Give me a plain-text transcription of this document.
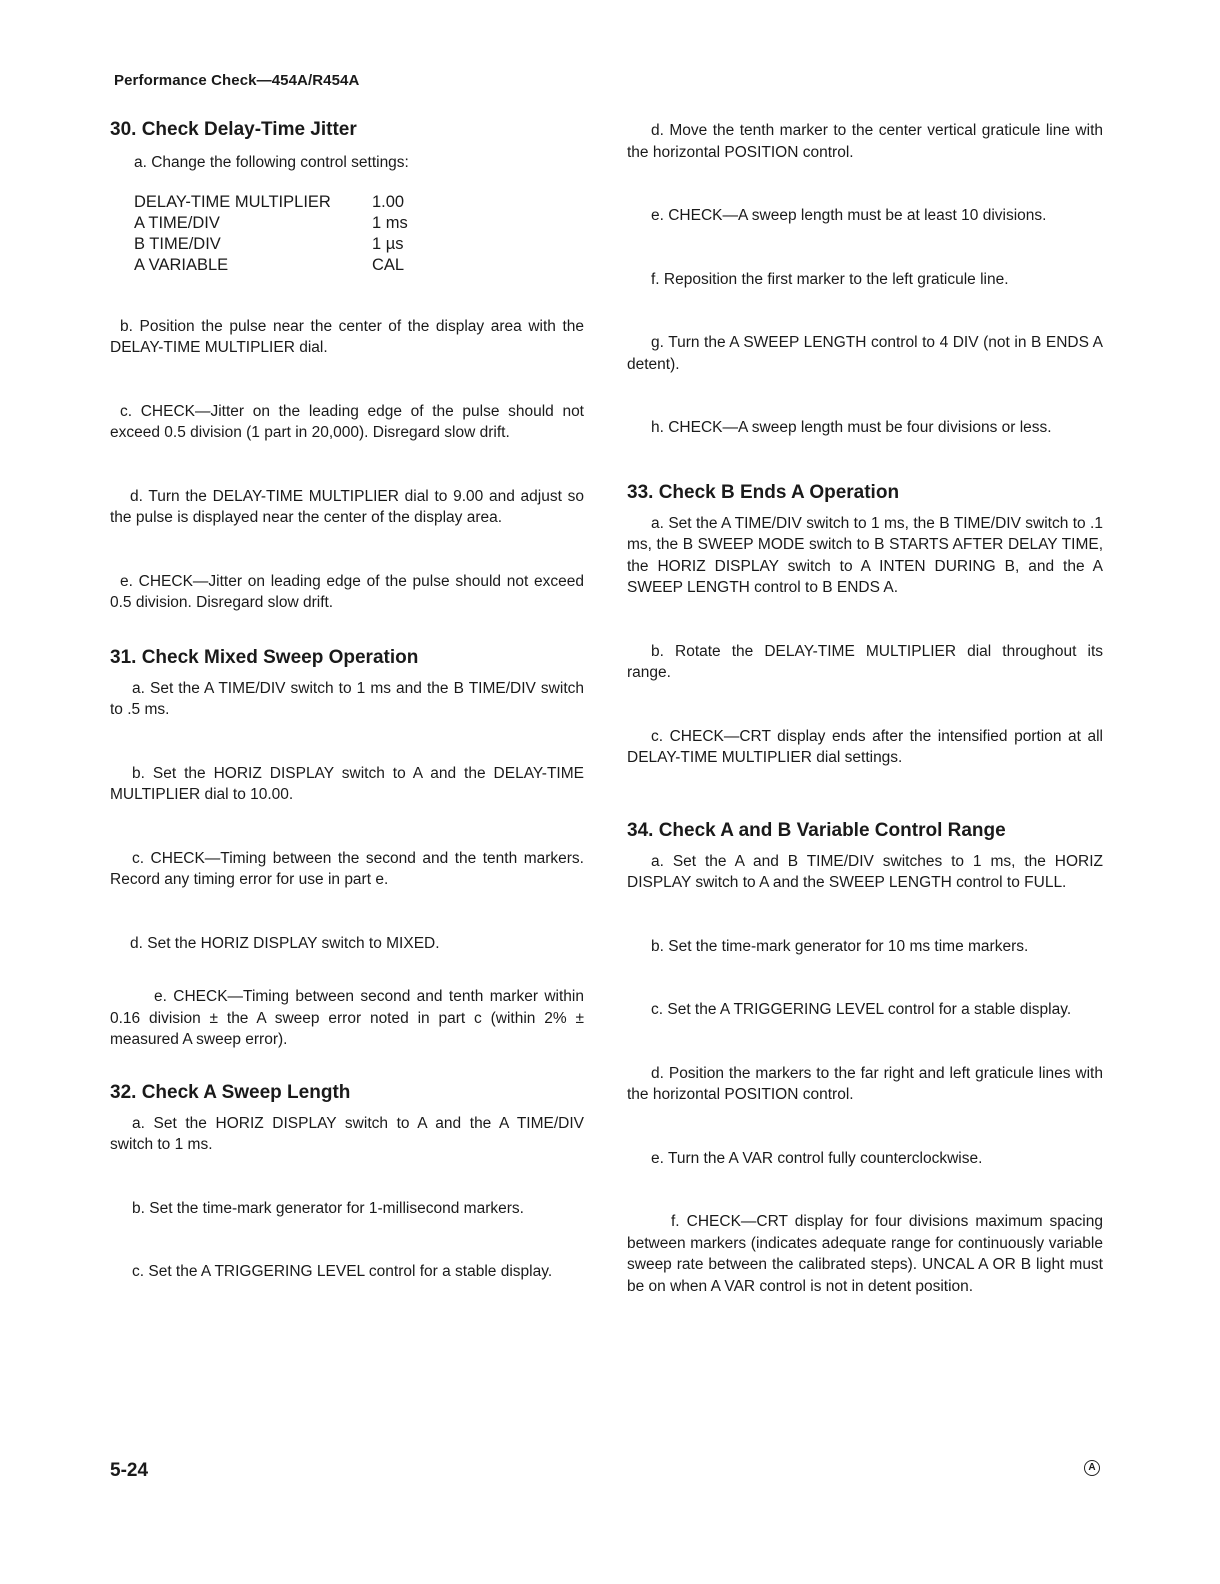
Performance Check—454A/R454A
30. Check Delay-Time Jitter

a. Change the following control settings:

DELAY-TIME MULTIPLIER	1.00
A TIME/DIV	1 ms
B TIME/DIV	1 µs
A VARIABLE	CAL

b. Position the pulse near the center of the display area with the DELAY-TIME MULTIPLIER dial.

c. CHECK—Jitter on the leading edge of the pulse should not exceed 0.5 division (1 part in 20,000). Disregard slow drift.

d. Turn the DELAY-TIME MULTIPLIER dial to 9.00 and adjust so the pulse is displayed near the center of the display area.

e. CHECK—Jitter on leading edge of the pulse should not exceed 0.5 division. Disregard slow drift.

31. Check Mixed Sweep Operation

a. Set the A TIME/DIV switch to 1 ms and the B TIME/DIV switch to .5 ms.

b. Set the HORIZ DISPLAY switch to A and the DELAY-TIME MULTIPLIER dial to 10.00.

c. CHECK—Timing between the second and the tenth markers. Record any timing error for use in part e.

d. Set the HORIZ DISPLAY switch to MIXED.

e. CHECK—Timing between second and tenth marker within 0.16 division ± the A sweep error noted in part c (within 2% ± measured A sweep error).

32. Check A Sweep Length

a. Set the HORIZ DISPLAY switch to A and the A TIME/DIV switch to 1 ms.

b. Set the time-mark generator for 1-millisecond markers.

c. Set the A TRIGGERING LEVEL control for a stable display.

d. Move the tenth marker to the center vertical graticule line with the horizontal POSITION control.

e. CHECK—A sweep length must be at least 10 divisions.

f. Reposition the first marker to the left graticule line.

g. Turn the A SWEEP LENGTH control to 4 DIV (not in B ENDS A detent).

h. CHECK—A sweep length must be four divisions or less.

33. Check B Ends A Operation

a. Set the A TIME/DIV switch to 1 ms, the B TIME/DIV switch to .1 ms, the B SWEEP MODE switch to B STARTS AFTER DELAY TIME, the HORIZ DISPLAY switch to A INTEN DURING B, and the A SWEEP LENGTH control to B ENDS A.

b. Rotate the DELAY-TIME MULTIPLIER dial throughout its range.

c. CHECK—CRT display ends after the intensified portion at all DELAY-TIME MULTIPLIER dial settings.

34. Check A and B Variable Control Range

a. Set the A and B TIME/DIV switches to 1 ms, the HORIZ DISPLAY switch to A and the SWEEP LENGTH control to FULL.

b. Set the time-mark generator for 10 ms time markers.

c. Set the A TRIGGERING LEVEL control for a stable display.

d. Position the markers to the far right and left graticule lines with the horizontal POSITION control.

e. Turn the A VAR control fully counterclockwise.

f. CHECK—CRT display for four divisions maximum spacing between markers (indicates adequate range for continuously variable sweep rate between the calibrated steps). UNCAL A OR B light must be on when A VAR control is not in detent position.

5-24	A
